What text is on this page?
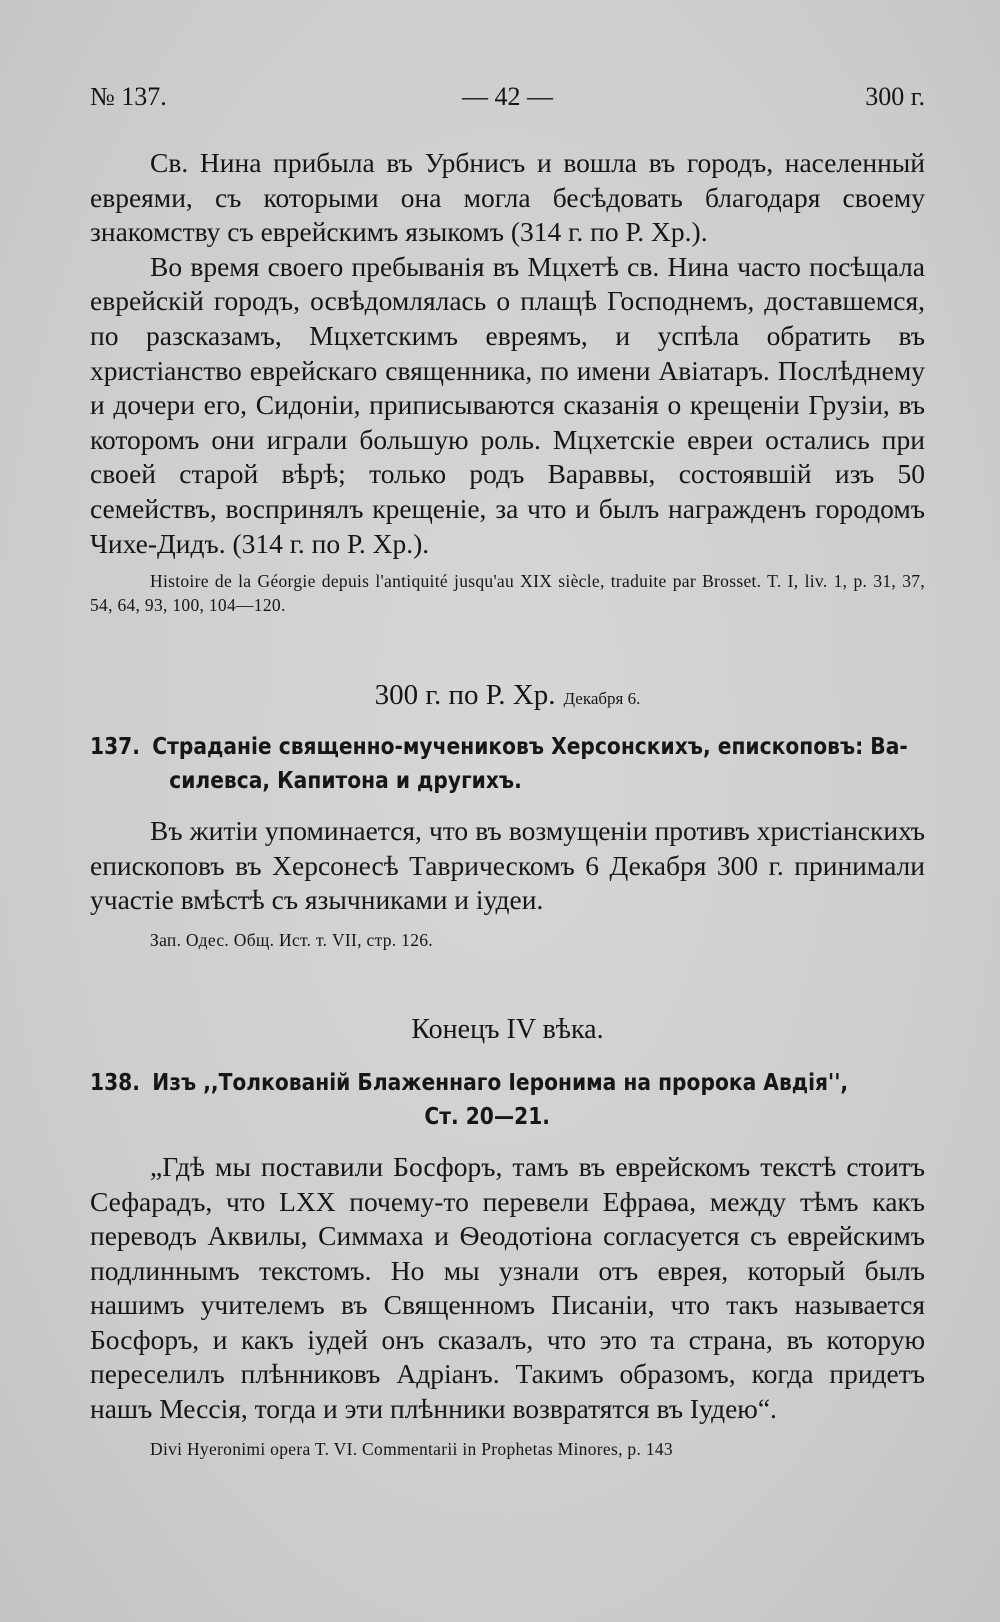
№ 137.	— 42 —	300 г.

Св. Нина прибыла въ Урбнисъ и вошла въ городъ, населенный евреями, съ которыми она могла бесѣдовать благодаря своему знакомству съ еврейскимъ языкомъ (314 г. по Р. Хр.).

Во время своего пребыванія въ Мцхетѣ св. Нина часто посѣщала еврейскій городъ, освѣдомлялась о плащѣ Господнемъ, доставшемся, по разсказамъ, Мцхетскимъ евреямъ, и успѣла обратить въ христіанство еврейскаго священника, по имени Авіатаръ. Послѣднему и дочери его, Сидоніи, приписываются сказанія о крещеніи Грузіи, въ которомъ они играли большую роль. Мцхетскіе евреи остались при своей старой вѣрѣ; только родъ Вараввы, состоявшій изъ 50 семействъ, воспринялъ крещеніе, за что и былъ награжденъ городомъ Чихе-Дидъ. (314 г. по Р. Хр.).

Histoire de la Géorgie depuis l'antiquité jusqu'au XIX siècle, traduite par Brosset. T. I, liv. 1, p. 31, 37, 54, 64, 93, 100, 104—120.

300 г. по Р. Хр. Декабря 6.

137. Страданіе священно-мучениковъ Херсонскихъ, епископовъ: Ва-
силевса, Капитона и другихъ.

Въ житіи упоминается, что въ возмущеніи противъ христіанскихъ епископовъ въ Херсонесѣ Таврическомъ 6 Декабря 300 г. принимали участіе вмѣстѣ съ язычниками и іудеи.

Зап. Одес. Общ. Ист. т. VII, стр. 126.

Конецъ IV вѣка.

138. Изъ ,,Толкованій Блаженнаго Іеронима на пророка Авдія'',
Ст. 20—21.

„Гдѣ мы поставили Босфоръ, тамъ въ еврейскомъ текстѣ стоитъ Сефарадъ, что LXX почему-то перевели Ефраѳа, между тѣмъ какъ переводъ Аквилы, Симмаха и Ѳеодотіона согласуется съ еврейскимъ подлиннымъ текстомъ. Но мы узнали отъ еврея, который былъ нашимъ учителемъ въ Священномъ Писаніи, что такъ называется Босфоръ, и какъ іудей онъ сказалъ, что это та страна, въ которую переселилъ плѣнниковъ Адріанъ. Такимъ образомъ, когда придетъ нашъ Мессія, тогда и эти плѣнники возвратятся въ Іудею“.

Divi Hyeronimi opera T. VI. Commentarii in Prophetas Minores, p. 143
